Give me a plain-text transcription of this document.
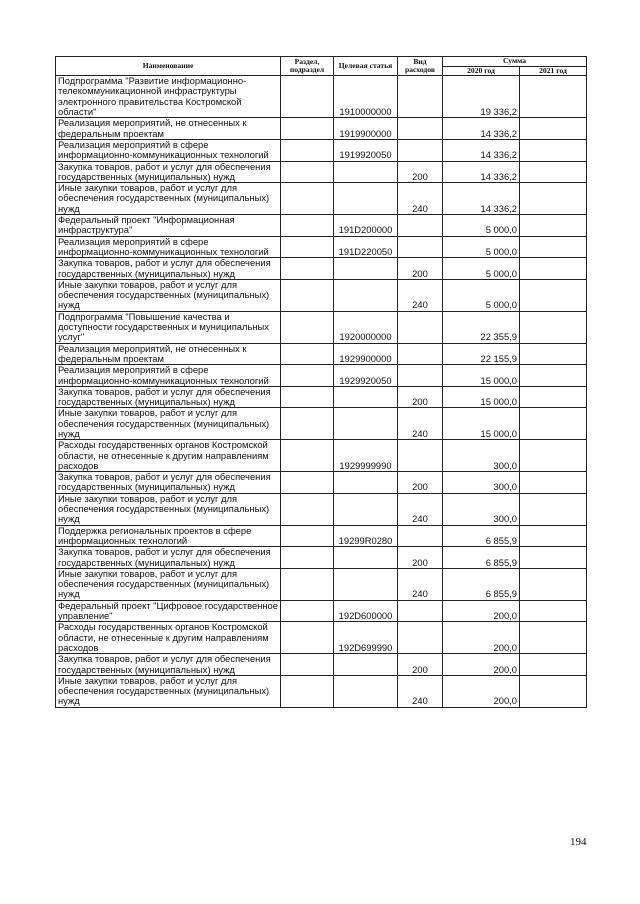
Наименование	Раздел, подраздел	Целевая статья	Вид расходов	Сумма	
				2020 год	2021 год
Подпрограмма "Развитие информационно-телекоммуникационной инфраструктуры электронного правительства Костромской области"		1910000000		19 336,2	
Реализация мероприятий, не отнесенных к федеральным проектам		1919900000		14 336,2	
Реализация мероприятий в сфере информационно-коммуникационных технологий		1919920050		14 336,2	
Закупка товаров, работ и услуг для обеспечения государственных (муниципальных) нужд			200	14 336,2	
Иные закупки товаров, работ и услуг для обеспечения государственных (муниципальных) нужд			240	14 336,2	
Федеральный проект "Информационная инфраструктура"		191D200000		5 000,0	
Реализация мероприятий в сфере информационно-коммуникационных технологий		191D220050		5 000,0	
Закупка товаров, работ и услуг для обеспечения государственных (муниципальных) нужд			200	5 000,0	
Иные закупки товаров, работ и услуг для обеспечения государственных (муниципальных) нужд			240	5 000,0	
Подпрограмма "Повышение качества и доступности государственных и муниципальных услуг"		1920000000		22 355,9	
Реализация мероприятий, не отнесенных к федеральным проектам		1929900000		22 155,9	
Реализация мероприятий в сфере информационно-коммуникационных технологий		1929920050		15 000,0	
Закупка товаров, работ и услуг для обеспечения государственных (муниципальных) нужд			200	15 000,0	
Иные закупки товаров, работ и услуг для обеспечения государственных (муниципальных) нужд			240	15 000,0	
Расходы государственных органов Костромской области, не отнесенные к другим направлениям расходов		1929999990		300,0	
Закупка товаров, работ и услуг для обеспечения государственных (муниципальных) нужд			200	300,0	
Иные закупки товаров, работ и услуг для обеспечения государственных (муниципальных) нужд			240	300,0	
Поддержка региональных проектов в сфере информационных технологий		19299R0280		6 855,9	
Закупка товаров, работ и услуг для обеспечения государственных (муниципальных) нужд			200	6 855,9	
Иные закупки товаров, работ и услуг для обеспечения государственных (муниципальных) нужд			240	6 855,9	
Федеральный проект "Цифровое государственное управление"		192D600000		200,0	
Расходы государственных органов Костромской области, не отнесенные к другим направлениям расходов		192D699990		200,0	
Закупка товаров, работ и услуг для обеспечения государственных (муниципальных) нужд			200	200,0	
Иные закупки товаров, работ и услуг для обеспечения государственных (муниципальных) нужд			240	200,0	
194
